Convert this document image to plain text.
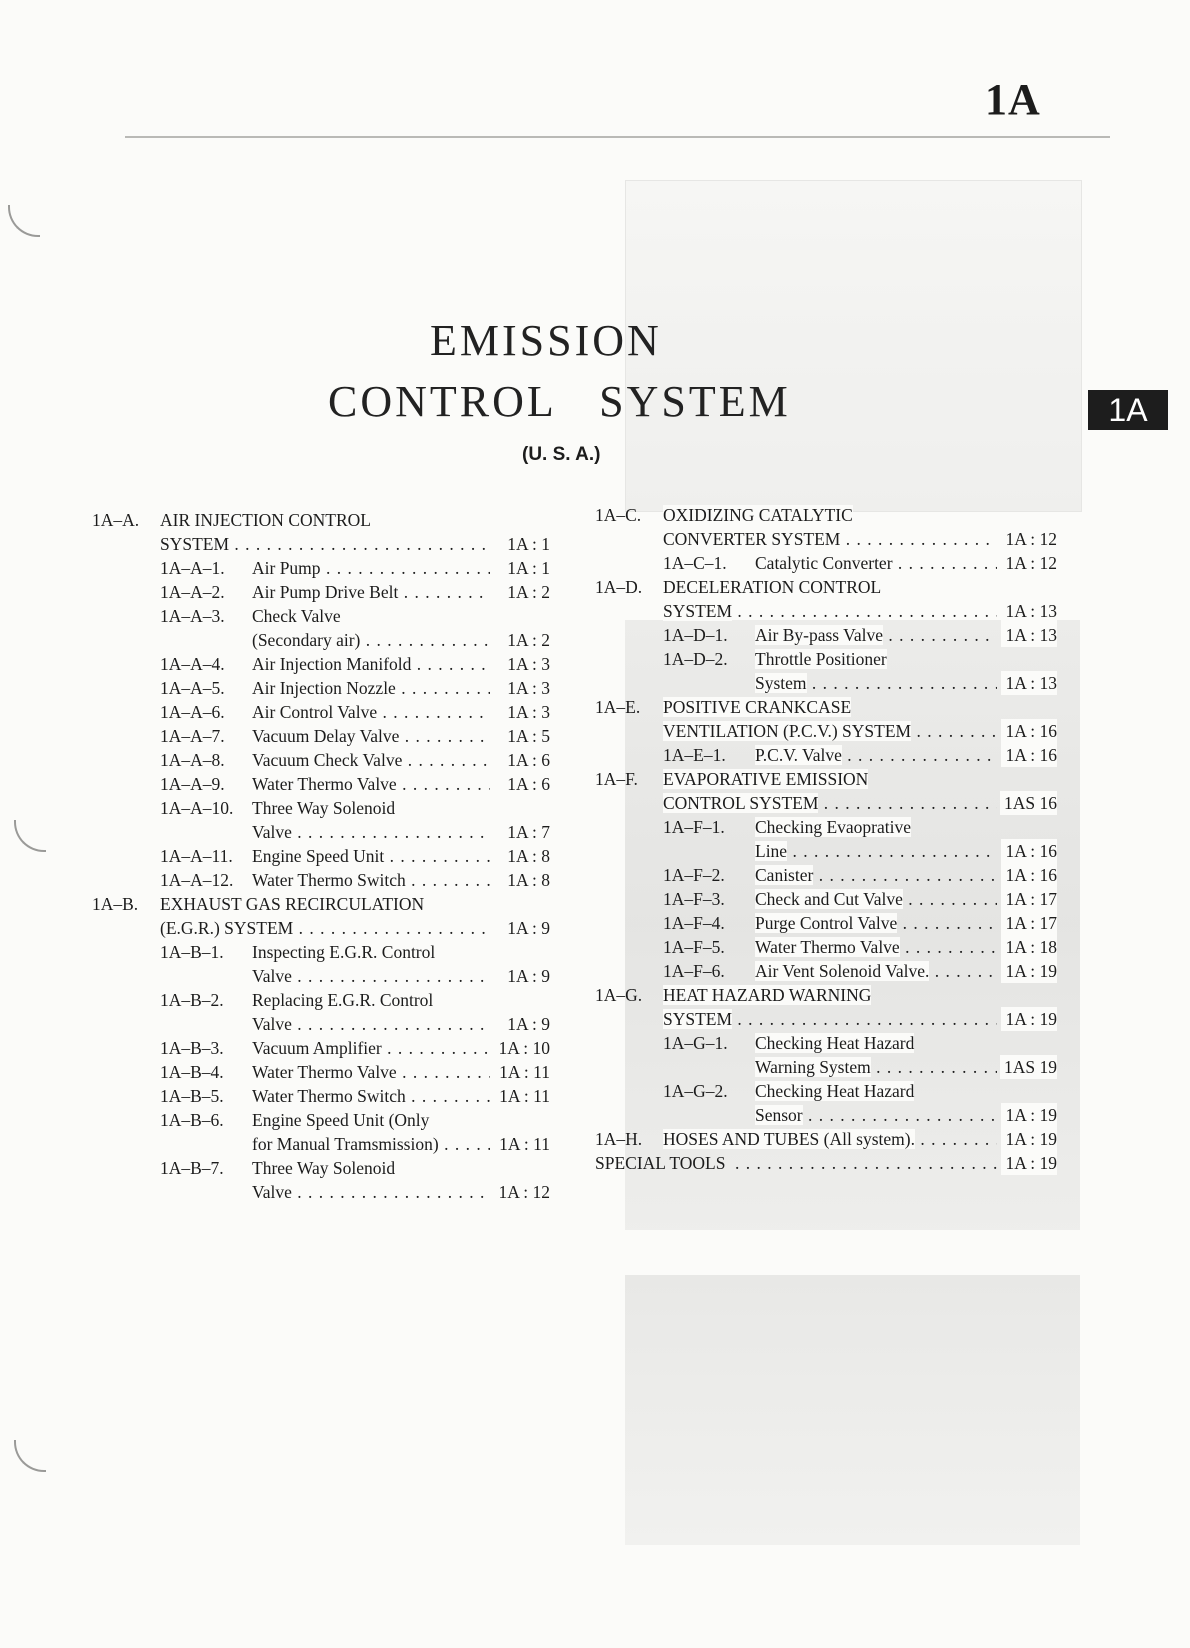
1A
1A
EMISSION
CONTROL SYSTEM
(U. S. A.)
1A–A. AIR INJECTION CONTROL
SYSTEM . . .	1A : 1
1A–A–1. Air Pump . . .	1A : 1
1A–A–2. Air Pump Drive Belt . . .	1A : 2
1A–A–3. Check Valve
(Secondary air) . . .	1A : 2
1A–A–4. Air Injection Manifold . . .	1A : 3
1A–A–5. Air Injection Nozzle . . .	1A : 3
1A–A–6. Air Control Valve . . .	1A : 3
1A–A–7. Vacuum Delay Valve . . .	1A : 5
1A–A–8. Vacuum Check Valve . . .	1A : 6
1A–A–9. Water Thermo Valve . . .	1A : 6
1A–A–10. Three Way Solenoid
Valve . . .	1A : 7
1A–A–11. Engine Speed Unit . . .	1A : 8
1A–A–12. Water Thermo Switch . . .	1A : 8
1A–B. EXHAUST GAS RECIRCULATION
(E.G.R.) SYSTEM . . .	1A : 9
1A–B–1. Inspecting E.G.R. Control
Valve . . .	1A : 9
1A–B–2. Replacing E.G.R. Control
Valve . . .	1A : 9
1A–B–3. Vacuum Amplifier . . .	1A : 10
1A–B–4. Water Thermo Valve . . .	1A : 11
1A–B–5. Water Thermo Switch . . .	1A : 11
1A–B–6. Engine Speed Unit (Only
for Manual Tramsmission) . . .	1A : 11
1A–B–7. Three Way Solenoid
Valve . . .	1A : 12
1A–C. OXIDIZING CATALYTIC
CONVERTER SYSTEM . . .	1A : 12
1A–C–1. Catalytic Converter . . .	1A : 12
1A–D. DECELERATION CONTROL
SYSTEM . . .	1A : 13
1A–D–1. Air By-pass Valve . . .	1A : 13
1A–D–2. Throttle Positioner
System . . .	1A : 13
1A–E. POSITIVE CRANKCASE
VENTILATION (P.C.V.) SYSTEM . . .	1A : 16
1A–E–1. P.C.V. Valve . . .	1A : 16
1A–F. EVAPORATIVE EMISSION
CONTROL SYSTEM . . .	1AS 16
1A–F–1. Checking Evaoprative
Line . . .	1A : 16
1A–F–2. Canister . . .	1A : 16
1A–F–3. Check and Cut Valve . . .	1A : 17
1A–F–4. Purge Control Valve . . .	1A : 17
1A–F–5. Water Thermo Valve . . .	1A : 18
1A–F–6. Air Vent Solenoid Valve. . . .	1A : 19
1A–G. HEAT HAZARD WARNING
SYSTEM . . .	1A : 19
1A–G–1. Checking Heat Hazard
Warning System . . .	1AS 19
1A–G–2. Checking Heat Hazard
Sensor . . .	1A : 19
1A–H. HOSES AND TUBES (All system). . . .	1A : 19
SPECIAL TOOLS
. . .	1A : 19
